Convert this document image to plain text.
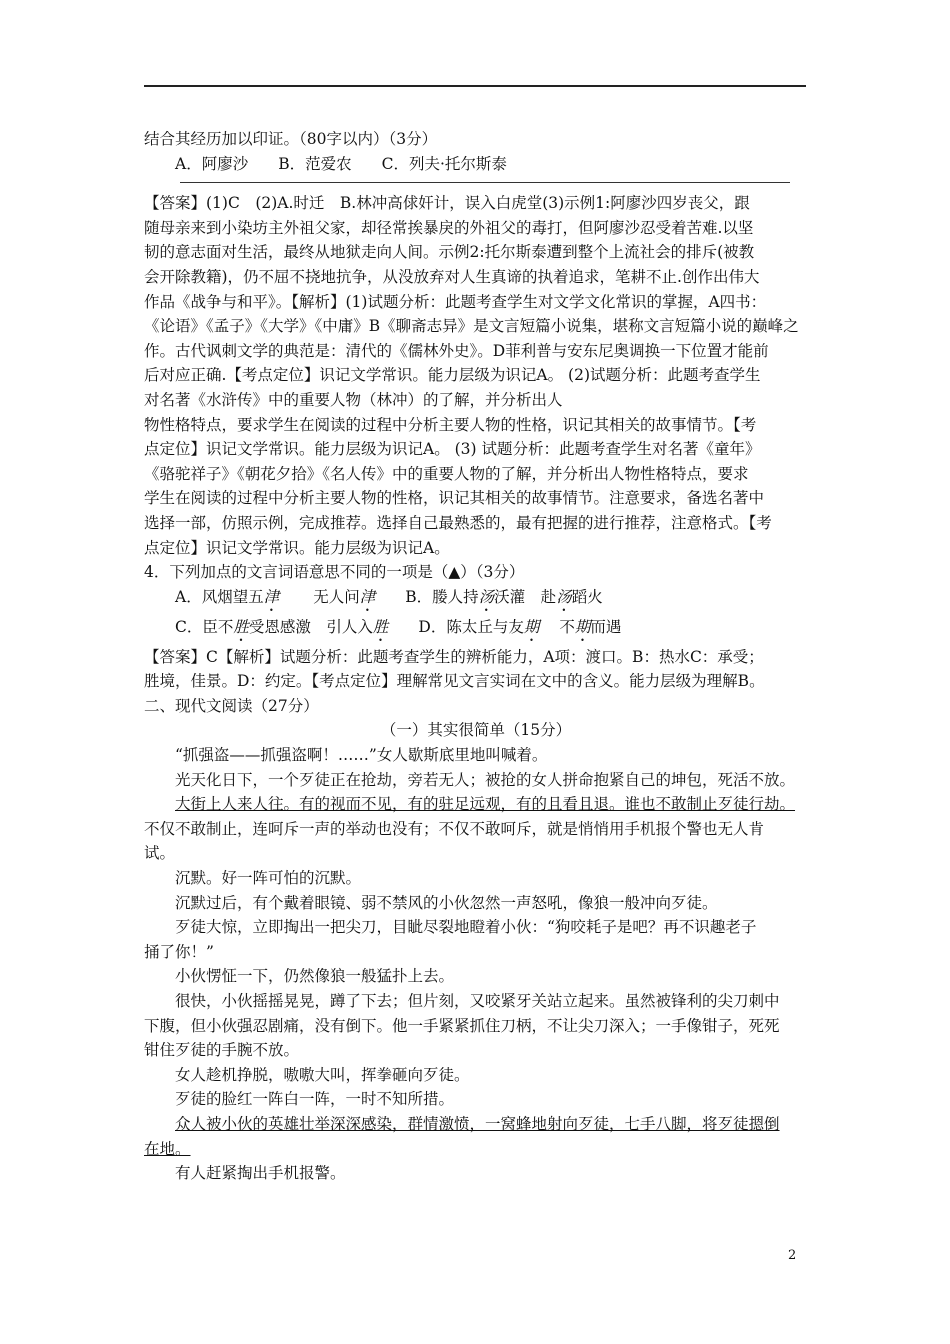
结合其经历加以印证。（80字以内）（3分）

A．阿廖沙 B．范爱农 C．列夫·托尔斯泰

【答案】(1)C　(2)A.时迁　B.林冲高俅奸计，误入白虎堂(3)示例1:阿廖沙四岁丧父，跟

随母亲来到小染坊主外祖父家，却径常挨暴戾的外祖父的毒打，但阿廖沙忍受着苦难.以坚

韧的意志面对生活，最终从地狱走向人间。示例2:托尔斯泰遭到整个上流社会的排斥(被教

会开除教籍)，仍不屈不挠地抗争，从没放弃对人生真谛的执着追求，笔耕不止.创作出伟大

作品《战争与和平》。【解析】(1)试题分析：此题考查学生对文学文化常识的掌握，A四书：

《论语》《孟子》《大学》《中庸》B《聊斋志异》是文言短篇小说集，堪称文言短篇小说的巅峰之

作。古代讽刺文学的典范是：清代的《儒林外史》。D菲利普与安东尼奥调换一下位置才能前

后对应正确.【考点定位】识记文学常识。能力层级为识记A。 (2)试题分析：此题考查学生

对名著《水浒传》中的重要人物（林冲）的了解，并分析出人

物性格特点，要求学生在阅读的过程中分析主要人物的性格，识记其相关的故事情节。【考

点定位】识记文学常识。能力层级为识记A。 (3) 试题分析：此题考查学生对名著《童年》

《骆驼祥子》《朝花夕拾》《名人传》中的重要人物的了解，并分析出人物性格特点，要求

学生在阅读的过程中分析主要人物的性格，识记其相关的故事情节。注意要求，备选名著中

选择一部，仿照示例，完成推荐。选择自己最熟悉的，最有把握的进行推荐，注意格式。【考

点定位】识记文学常识。能力层级为识记A。

4．下列加点的文言词语意思不同的一项是（▲）（3分）

A．风烟望五津 无人问津 B．媵人持汤沃灌　赴汤蹈火

C．臣不胜受恩感激　引人入胜 D．陈太丘与友期 不期而遇

【答案】C【解析】试题分析：此题考查学生的辨析能力，A项：渡口。B：热水C：承受；

胜境，佳景。D：约定。【考点定位】理解常见文言实词在文中的含义。能力层级为理解B。

二、现代文阅读（27分）

（一）其实很简单（15分）

“抓强盗——抓强盗啊！……”女人歇斯底里地叫喊着。

光天化日下，一个歹徒正在抢劫，旁若无人；被抢的女人拼命抱紧自己的坤包，死活不放。

大街上人来人往。有的视而不见，有的驻足远观，有的且看且退。谁也不敢制止歹徒行劫。

不仅不敢制止，连呵斥一声的举动也没有；不仅不敢呵斥，就是悄悄用手机报个警也无人肯

试。

沉默。好一阵可怕的沉默。

沉默过后，有个戴着眼镜、弱不禁风的小伙忽然一声怒吼，像狼一般冲向歹徒。

歹徒大惊，立即掏出一把尖刀，目眦尽裂地瞪着小伙：“狗咬耗子是吧？再不识趣老子

捅了你！”

小伙愣怔一下，仍然像狼一般猛扑上去。

很快，小伙摇摇晃晃，蹲了下去；但片刻，又咬紧牙关站立起来。虽然被锋利的尖刀刺中

下腹，但小伙强忍剧痛，没有倒下。他一手紧紧抓住刀柄，不让尖刀深入；一手像钳子，死死

钳住歹徒的手腕不放。

女人趁机挣脱，嗷嗷大叫，挥拳砸向歹徒。

歹徒的脸红一阵白一阵，一时不知所措。

众人被小伙的英雄壮举深深感染，群情激愤，一窝蜂地射向歹徒，七手八脚，将歹徒摁倒

在地。

有人赶紧掏出手机报警。

2
